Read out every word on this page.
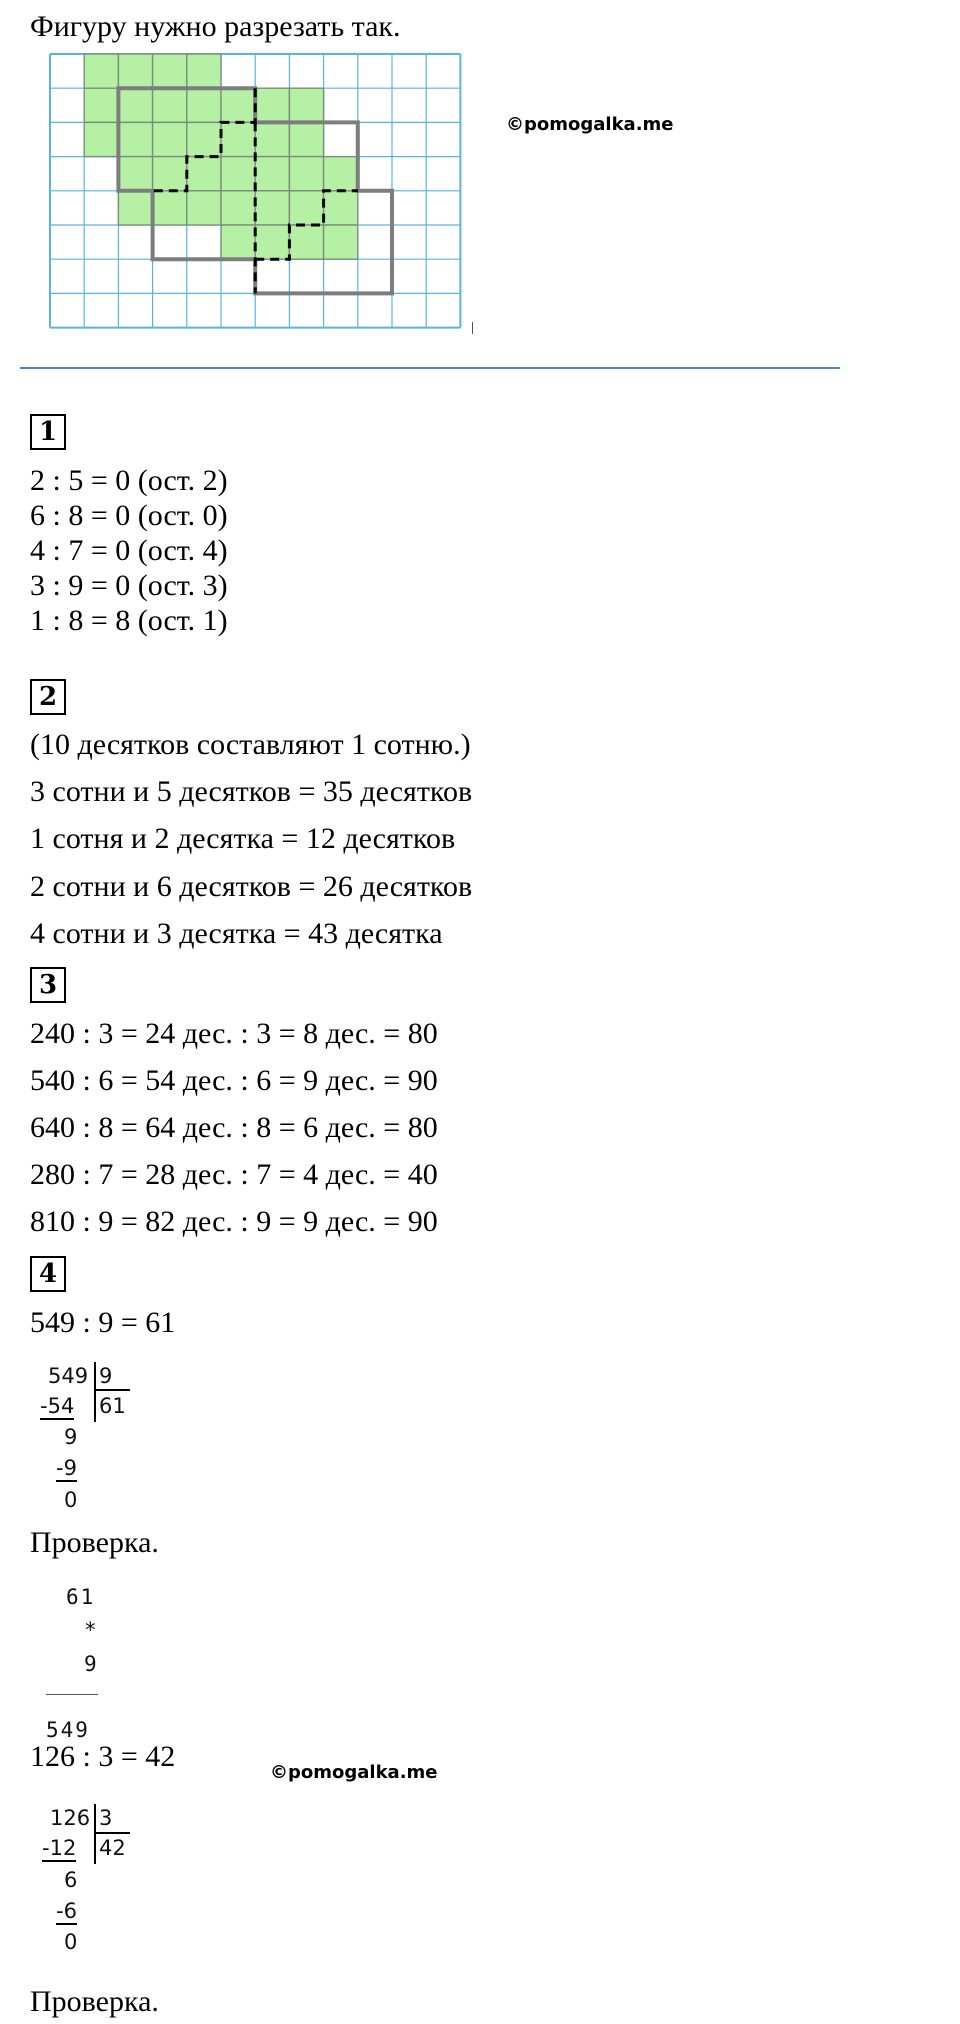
Фигуру нужно разрезать так.
©pomogalka.me
1
2 : 5 = 0 (ост. 2)
6 : 8 = 0 (ост. 0)
4 : 7 = 0 (ост. 4)
3 : 9 = 0 (ост. 3)
1 : 8 = 8 (ост. 1)
2
(10 десятков составляют 1 сотню.)
3 сотни и 5 десятков = 35 десятков
1 сотня и 2 десятка = 12 десятков
2 сотни и 6 десятков = 26 десятков
4 сотни и 3 десятка = 43 десятка
3
240 : 3 = 24 дес. : 3 = 8 дес. = 80
540 : 6 = 54 дес. : 6 = 9 дес. = 90
640 : 8 = 64 дес. : 8 = 6 дес. = 80
280 : 7 = 28 дес. : 7 = 4 дес. = 40
810 : 9 = 82 дес. : 9 = 9 дес. = 90
4
549 : 9 = 61
549 9
61
-54
9
-9
0
Проверка.
61
*
9
549
126 : 3 = 42	©pomogalka.me
126 3
42
-12
6
-6
0
Проверка.
